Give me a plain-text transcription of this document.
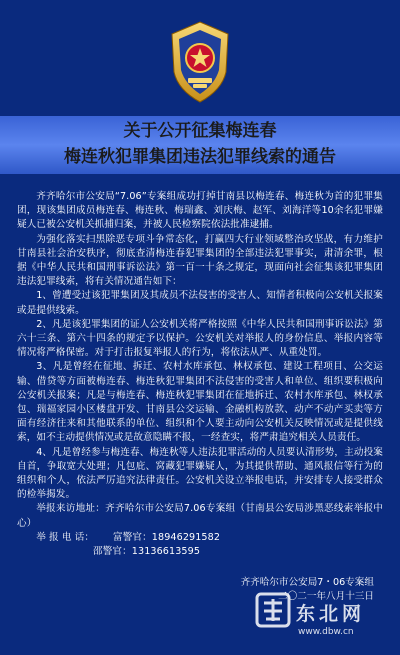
关于公开征集梅连春
梅连秋犯罪集团违法犯罪线索的通告

齐齐哈尔市公安局“7.06”专案组成功打掉甘南县以梅连春、梅连秋为首的犯罪集团，现该集团成员梅连春、梅连秋、梅瑞鑫、刘庆梅、赵军、刘海洋等10余名犯罪嫌疑人已被公安机关抓捕归案，并被人民检察院依法批准逮捕。

为强化落实扫黑除恶专项斗争常态化，打赢四大行业领域整治攻坚战，有力维护甘南县社会治安秩序，彻底查清梅连春犯罪集团的全部违法犯罪事实，肃清余罪，根据《中华人民共和国刑事诉讼法》第一百一十条之规定，现面向社会征集该犯罪集团违法犯罪线索，将有关情况通告如下：

1、曾遭受过该犯罪集团及其成员不法侵害的受害人、知情者积极向公安机关报案或是提供线索。

2、凡是该犯罪集团的证人公安机关将严格按照《中华人民共和国刑事诉讼法》第六十三条、第六十四条的规定予以保护。公安机关对举报人的身份信息、举报内容等情况将严格保密。对于打击报复举报人的行为，将依法从严、从重处罚。

3、凡是曾经在征地、拆迁、农村水库承包、林权承包、建设工程项目、公交运输、借贷等方面被梅连春、梅连秋犯罪集团不法侵害的受害人和单位、组织要积极向公安机关报案；凡是与梅连春、梅连秋犯罪集团在征地拆迁、农村水库承包、林权承包、瑞福家园小区楼盘开发、甘南县公交运输、金融机构放款、动产不动产买卖等方面有经济往来和其他联系的单位、组织和个人要主动向公安机关反映情况或是提供线索，如不主动提供情况或是故意隐瞒不报，一经查实，将严肃追究相关人员责任。

4、凡是曾经参与梅连春、梅连秋等人违法犯罪活动的人员要认清形势，主动投案自首，争取宽大处理；凡包庇、窝藏犯罪嫌疑人，为其提供帮助、通风报信等行为的组织和个人，依法严厉追究法律责任。公安机关设立举报电话，并安排专人接受群众的检举揭发。

举报来访地址：齐齐哈尔市公安局7.06专案组（甘南县公安局涉黑恶线索举报中心）

举 报 电 话： 富警官：18946291582

邵警官：13136613595

齐齐哈尔市公安局7・06专案组
二〇二一年八月十三日
东北网
www.dbw.cn
